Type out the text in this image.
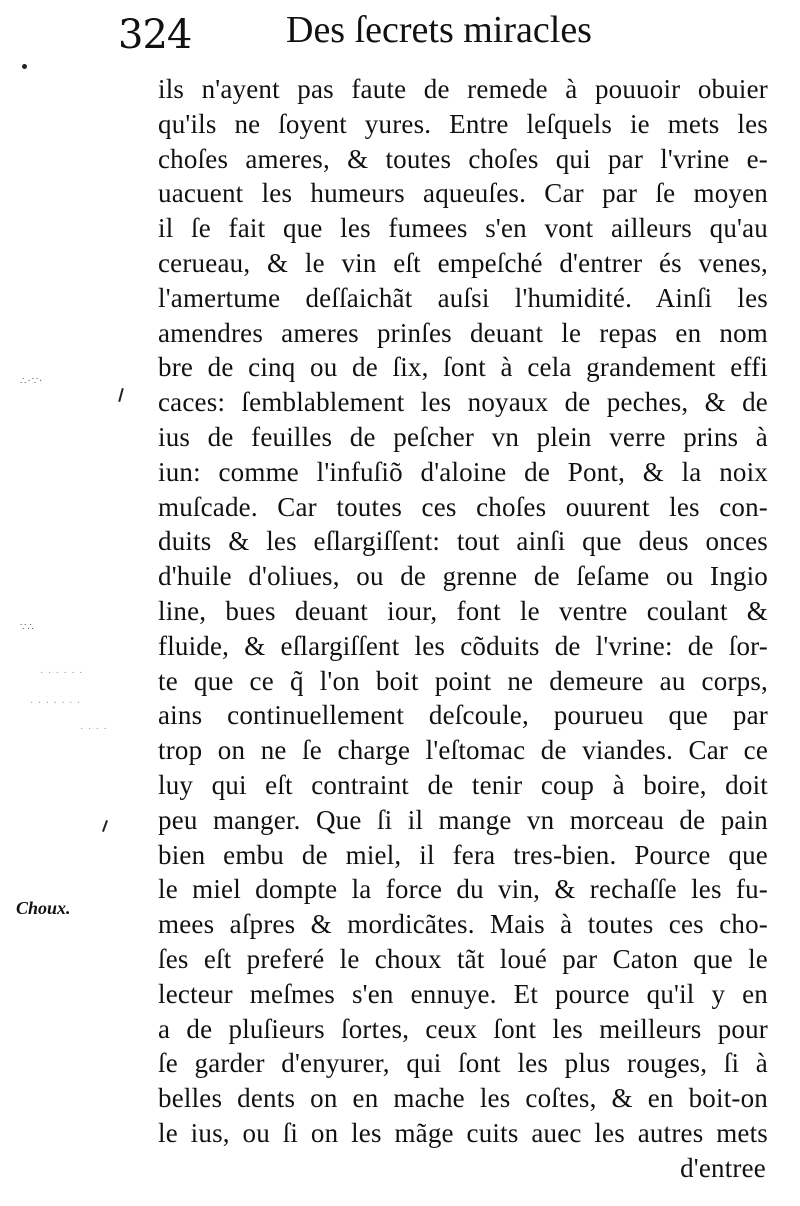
324 Des ſecrets miracles
ils n'ayent pas faute de remede à pouuoir obuier
qu'ils ne ſoyent yures. Entre leſquels ie mets les
choſes ameres, & toutes choſes qui par l'vrine e-
uacuent les humeurs aqueuſes. Car par ſe moyen
il ſe fait que les fumees s'en vont ailleurs qu'au
cerueau, & le vin eſt empeſché d'entrer és venes,
l'amertume deſſaichãt auſsi l'humidité. Ainſi les
amendres ameres prinſes deuant le repas en nom
bre de cinq ou de ſix, ſont à cela grandement effi
caces: ſemblablement les noyaux de peches, & de
ius de feuilles de peſcher vn plein verre prins à
iun: comme l'infuſiõ d'aloine de Pont, & la noix
muſcade. Car toutes ces choſes ouurent les con-
duits & les eſlargiſſent: tout ainſi que deus onces
d'huile d'oliues, ou de grenne de ſeſame ou Ingio
line, bues deuant iour, font le ventre coulant &
fluide, & eſlargiſſent les cõduits de l'vrine: de ſor-
te que ce q̃ l'on boit point ne demeure au corps,
ains continuellement deſcoule, pourueu que par
trop on ne ſe charge l'eſtomac de viandes. Car ce
luy qui eſt contraint de tenir coup à boire, doit
peu manger. Que ſi il mange vn morceau de pain
bien embu de miel, il fera tres-bien. Pource que
le miel dompte la force du vin, & rechaſſe les fu-
mees aſpres & mordicãtes. Mais à toutes ces cho-
ſes eſt preferé le choux tãt loué par Caton que le
lecteur meſmes s'en ennuye. Et pource qu'il y en
a de pluſieurs ſortes, ceux ſont les meilleurs pour
ſe garder d'enyurer, qui ſont les plus rouges, ſi à
belles dents on en mache les coſtes, & en boit-on
le ius, ou ſi on les mãge cuits auec les autres mets
d'entree
Choux.
∴·∵·
∵∴
· · · · · ·
· · · · · · ·
· · · ·
